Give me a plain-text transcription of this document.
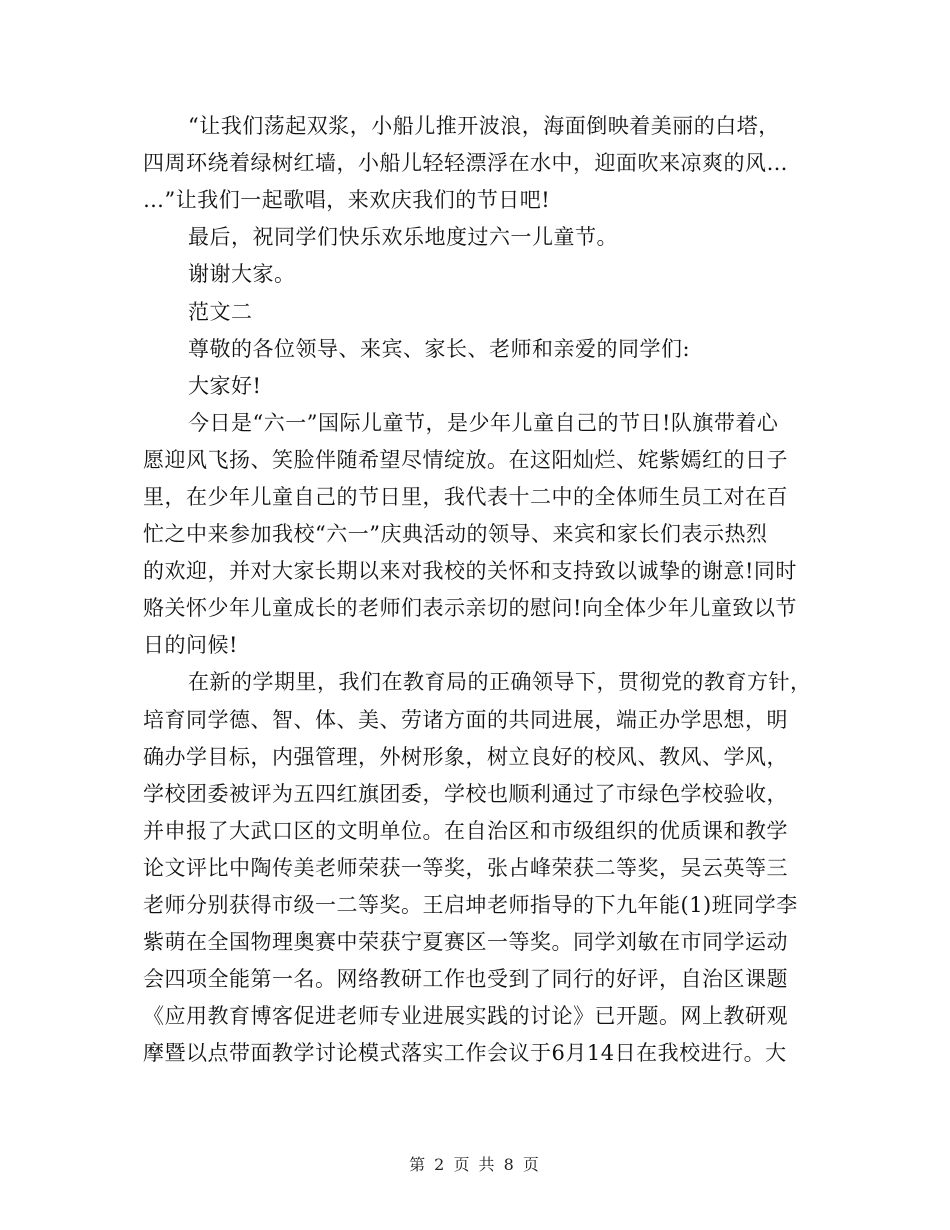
“让我们荡起双浆，小船儿推开波浪，海面倒映着美丽的白塔，
四周环绕着绿树红墙，小船儿轻轻漂浮在水中，迎面吹来凉爽的风…
…”让我们一起歌唱，来欢庆我们的节日吧!
最后，祝同学们快乐欢乐地度过六一儿童节。
谢谢大家。
范文二
尊敬的各位领导、来宾、家长、老师和亲爱的同学们:
大家好!
今日是“六一”国际儿童节，是少年儿童自己的节日!队旗带着心
愿迎风飞扬、笑脸伴随希望尽情绽放。在这阳灿烂、姹紫嫣红的日子
里，在少年儿童自己的节日里，我代表十二中的全体师生员工对在百
忙之中来参加我校“六一”庆典活动的领导、来宾和家长们表示热烈
的欢迎，并对大家长期以来对我校的关怀和支持致以诚挚的谢意!同时
赂关怀少年儿童成长的老师们表示亲切的慰问!向全体少年儿童致以节
日的问候!
在新的学期里，我们在教育局的正确领导下，贯彻党的教育方针，
培育同学德、智、体、美、劳诸方面的共同进展，端正办学思想，明
确办学目标，内强管理，外树形象，树立良好的校风、教风、学风，
学校团委被评为五四红旗团委，学校也顺利通过了市绿色学校验收，
并申报了大武口区的文明单位。在自治区和市级组织的优质课和教学
论文评比中陶传美老师荣获一等奖，张占峰荣获二等奖，吴云英等三
老师分别获得市级一二等奖。王启坤老师指导的下九年能(1)班同学李
紫萌在全国物理奥赛中荣获宁夏赛区一等奖。同学刘敏在市同学运动
会四项全能第一名。网络教研工作也受到了同行的好评，自治区课题
《应用教育博客促进老师专业进展实践的讨论》已开题。网上教研观
摩暨以点带面教学讨论模式落实工作会议于6月14日在我校进行。大
第 2 页 共 8 页
